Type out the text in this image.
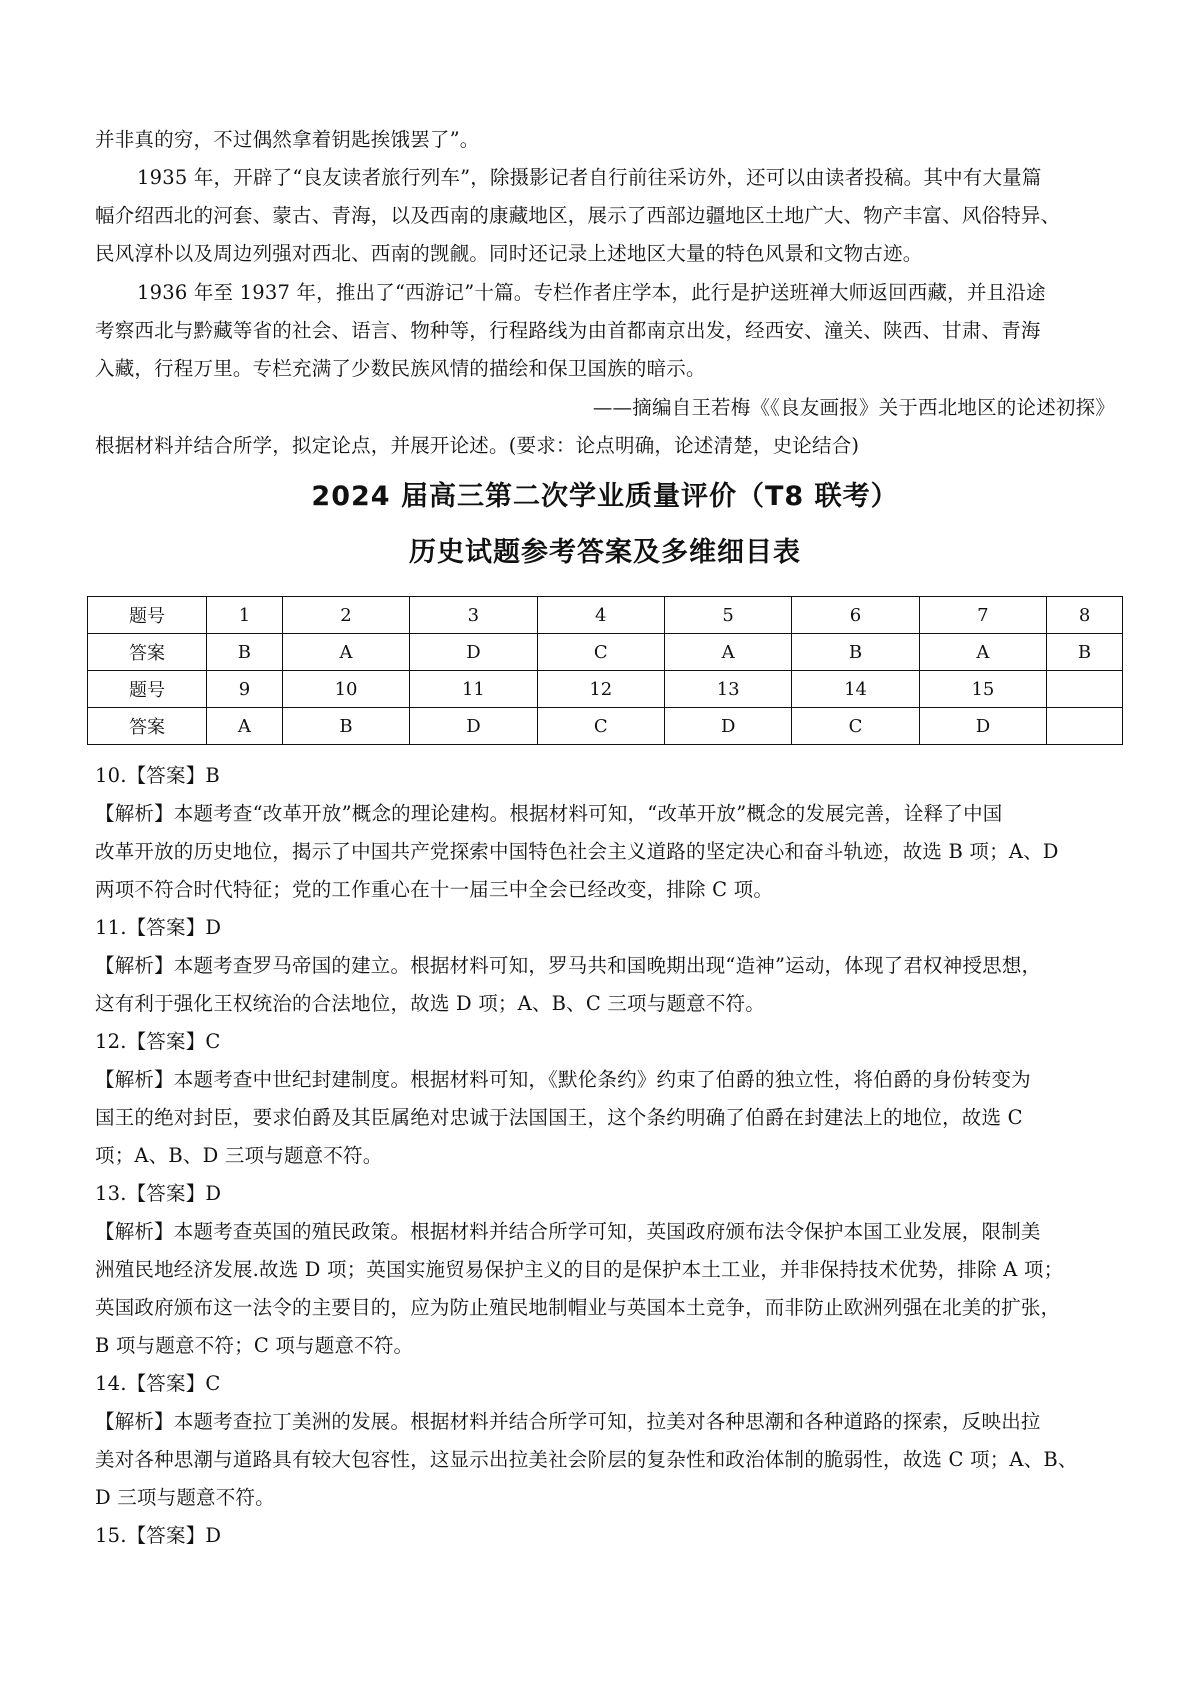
并非真的穷，不过偶然拿着钥匙挨饿罢了”。
1935 年，开辟了“良友读者旅行列车”，除摄影记者自行前往采访外，还可以由读者投稿。其中有大量篇
幅介绍西北的河套、蒙古、青海，以及西南的康藏地区，展示了西部边疆地区土地广大、物产丰富、风俗特异、
民风淳朴以及周边列强对西北、西南的觊觎。同时还记录上述地区大量的特色风景和文物古迹。
1936 年至 1937 年，推出了“西游记”十篇。专栏作者庄学本，此行是护送班禅大师返回西藏，并且沿途
考察西北与黔藏等省的社会、语言、物种等，行程路线为由首都南京出发，经西安、潼关、陕西、甘肃、青海
入藏，行程万里。专栏充满了少数民族风情的描绘和保卫国族的暗示。
——摘编自王若梅《《良友画报》关于西北地区的论述初探》
根据材料并结合所学，拟定论点，并展开论述。(要求：论点明确，论述清楚，史论结合)
2024 届高三第二次学业质量评价（T8 联考）
历史试题参考答案及多维细目表
题号	1	2	3	4	5	6	7	8
答案	B	A	D	C	A	B	A	B
题号	9	10	11	12	13	14	15	
答案	A	B	D	C	D	C	D	
10.【答案】B
【解析】本题考查“改革开放”概念的理论建构。根据材料可知，“改革开放”概念的发展完善，诠释了中国
改革开放的历史地位，揭示了中国共产党探索中国特色社会主义道路的坚定决心和奋斗轨迹，故选 B 项；A、D
两项不符合时代特征；党的工作重心在十一届三中全会已经改变，排除 C 项。
11.【答案】D
【解析】本题考查罗马帝国的建立。根据材料可知，罗马共和国晚期出现“造神”运动，体现了君权神授思想，
这有利于强化王权统治的合法地位，故选 D 项；A、B、C 三项与题意不符。
12.【答案】C
【解析】本题考查中世纪封建制度。根据材料可知，《默伦条约》约束了伯爵的独立性，将伯爵的身份转变为
国王的绝对封臣，要求伯爵及其臣属绝对忠诚于法国国王，这个条约明确了伯爵在封建法上的地位，故选 C
项；A、B、D 三项与题意不符。
13.【答案】D
【解析】本题考查英国的殖民政策。根据材料并结合所学可知，英国政府颁布法令保护本国工业发展，限制美
洲殖民地经济发展.故选 D 项；英国实施贸易保护主义的目的是保护本土工业，并非保持技术优势，排除 A 项；
英国政府颁布这一法令的主要目的，应为防止殖民地制帽业与英国本土竞争，而非防止欧洲列强在北美的扩张，
B 项与题意不符；C 项与题意不符。
14.【答案】C
【解析】本题考查拉丁美洲的发展。根据材料并结合所学可知，拉美对各种思潮和各种道路的探索，反映出拉
美对各种思潮与道路具有较大包容性，这显示出拉美社会阶层的复杂性和政治体制的脆弱性，故选 C 项；A、B、
D 三项与题意不符。
15.【答案】D
